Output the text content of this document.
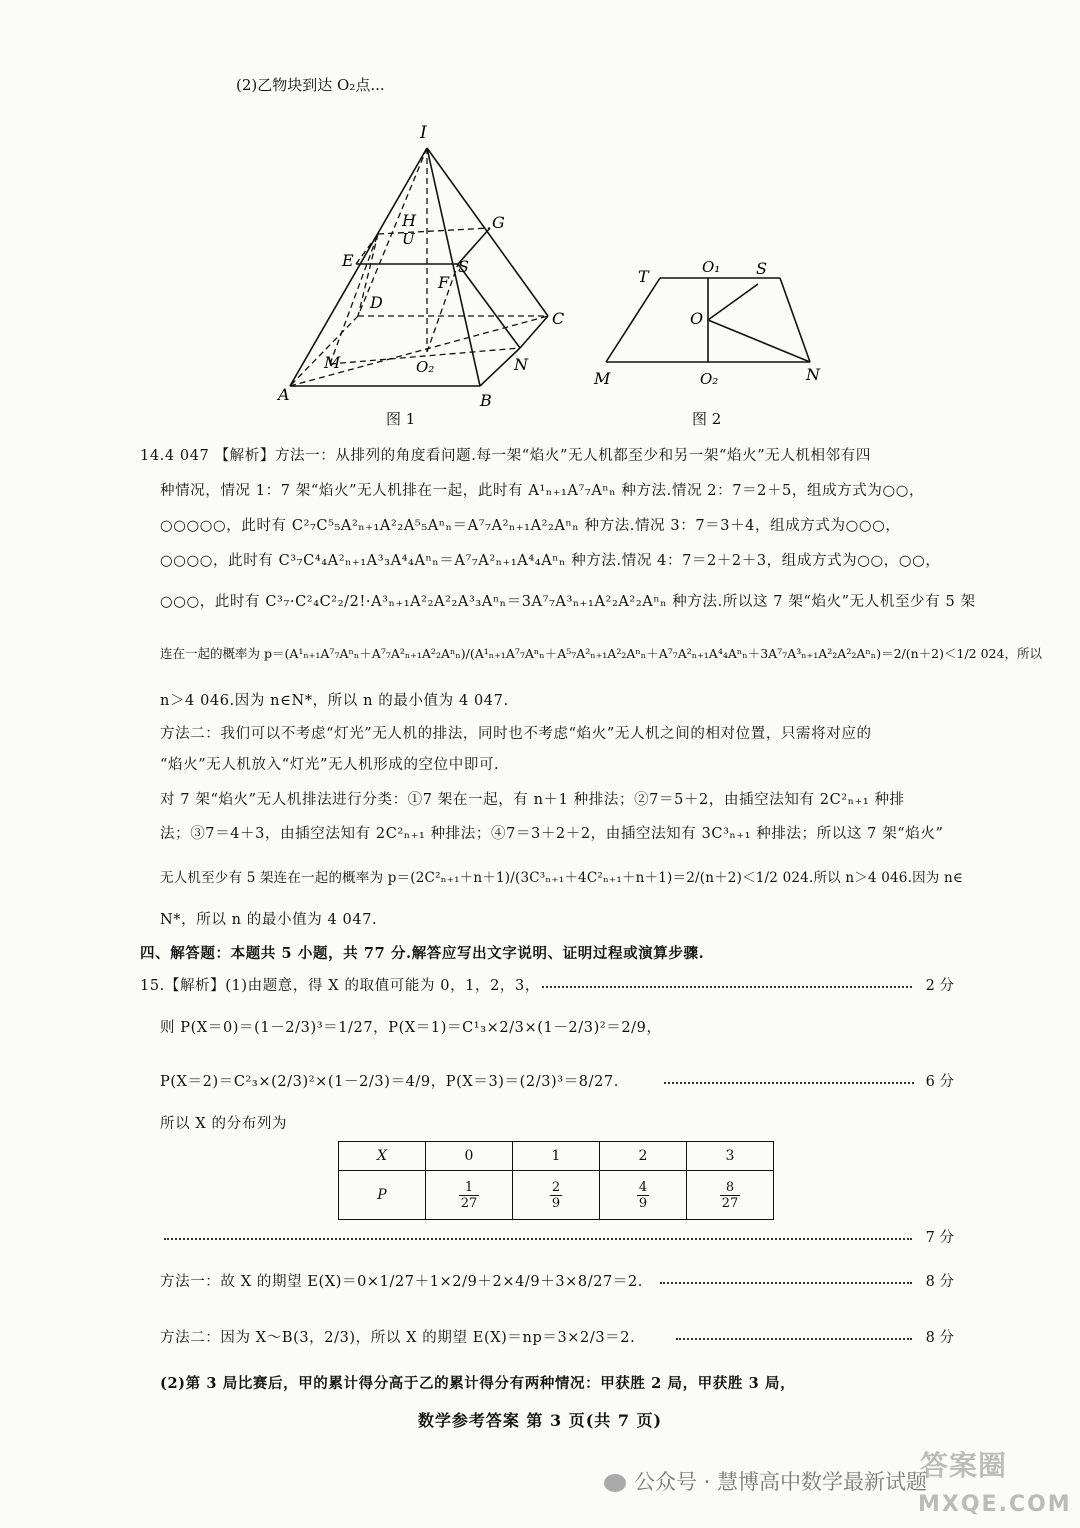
(2)乙物块到达 O₂点...
I
H	G
E
U
S
F
D
C
M	O₂	N
A	B
图 1
T	O₁ S
O
M	O₂	N
图 2
14.4 047 【解析】方法一：从排列的角度看问题.每一架“焰火”无人机都至少和另一架“焰火”无人机相邻有四
种情况，情况 1：7 架“焰火”无人机排在一起，此时有 A¹ₙ₊₁A⁷₇Aⁿₙ 种方法.情况 2：7＝2＋5，组成方式为○○，
○○○○○，此时有 C²₇C⁵₅A²ₙ₊₁A²₂A⁵₅Aⁿₙ＝A⁷₇A²ₙ₊₁A²₂Aⁿₙ 种方法.情况 3：7＝3＋4，组成方式为○○○，
○○○○，此时有 C³₇C⁴₄A²ₙ₊₁A³₃A⁴₄Aⁿₙ＝A⁷₇A²ₙ₊₁A⁴₄Aⁿₙ 种方法.情况 4：7＝2＋2＋3，组成方式为○○，○○，
○○○，此时有 C³₇·C²₄C²₂/2!·A³ₙ₊₁A²₂A²₂A³₃Aⁿₙ＝3A⁷₇A³ₙ₊₁A²₂A²₂Aⁿₙ 种方法.所以这 7 架“焰火”无人机至少有 5 架
连在一起的概率为 p＝(A¹ₙ₊₁A⁷₇Aⁿₙ＋A⁷₇A²ₙ₊₁A²₂Aⁿₙ)/(A¹ₙ₊₁A⁷₇Aⁿₙ＋A⁵₇A²ₙ₊₁A²₂Aⁿₙ＋A⁷₇A²ₙ₊₁A⁴₄Aⁿₙ＋3A⁷₇A³ₙ₊₁A²₂A²₂Aⁿₙ)＝2/(n＋2)＜1/2 024，所以
n＞4 046.因为 n∈N*，所以 n 的最小值为 4 047.
方法二：我们可以不考虑“灯光”无人机的排法，同时也不考虑“焰火”无人机之间的相对位置，只需将对应的
“焰火”无人机放入“灯光”无人机形成的空位中即可.
对 7 架“焰火”无人机排法进行分类：①7 架在一起，有 n＋1 种排法；②7＝5＋2，由插空法知有 2C²ₙ₊₁ 种排
法；③7＝4＋3，由插空法知有 2C²ₙ₊₁ 种排法；④7＝3＋2＋2，由插空法知有 3C³ₙ₊₁ 种排法；所以这 7 架“焰火”
无人机至少有 5 架连在一起的概率为 p＝(2C²ₙ₊₁＋n＋1)/(3C³ₙ₊₁＋4C²ₙ₊₁＋n＋1)＝2/(n＋2)＜1/2 024.所以 n＞4 046.因为 n∈
N*，所以 n 的最小值为 4 047.
四、解答题：本题共 5 小题，共 77 分.解答应写出文字说明、证明过程或演算步骤.
15.【解析】(1)由题意，得 X 的取值可能为 0，1，2，3，	2 分
则 P(X＝0)＝(1－2/3)³＝1/27，P(X＝1)＝C¹₃×2/3×(1－2/3)²＝2/9，
P(X＝2)＝C²₃×(2/3)²×(1－2/3)＝4/9，P(X＝3)＝(2/3)³＝8/27.	6 分
所以 X 的分布列为
X	0	1	2	3
P	$\frac{1}{27}$	$\frac{2}{9}$	$\frac{4}{9}$	$\frac{8}{27}$
7 分
方法一：故 X 的期望 E(X)＝0×1/27＋1×2/9＋2×4/9＋3×8/27＝2.	8 分
方法二：因为 X～B(3，2/3)，所以 X 的期望 E(X)＝np＝3×2/3＝2.	8 分
(2)第 3 局比赛后，甲的累计得分高于乙的累计得分有两种情况：甲获胜 2 局，甲获胜 3 局，
数学参考答案 第 3 页(共 7 页)
公众号 · 慧博高中数学最新试题
答案圈
MXQE.COM
